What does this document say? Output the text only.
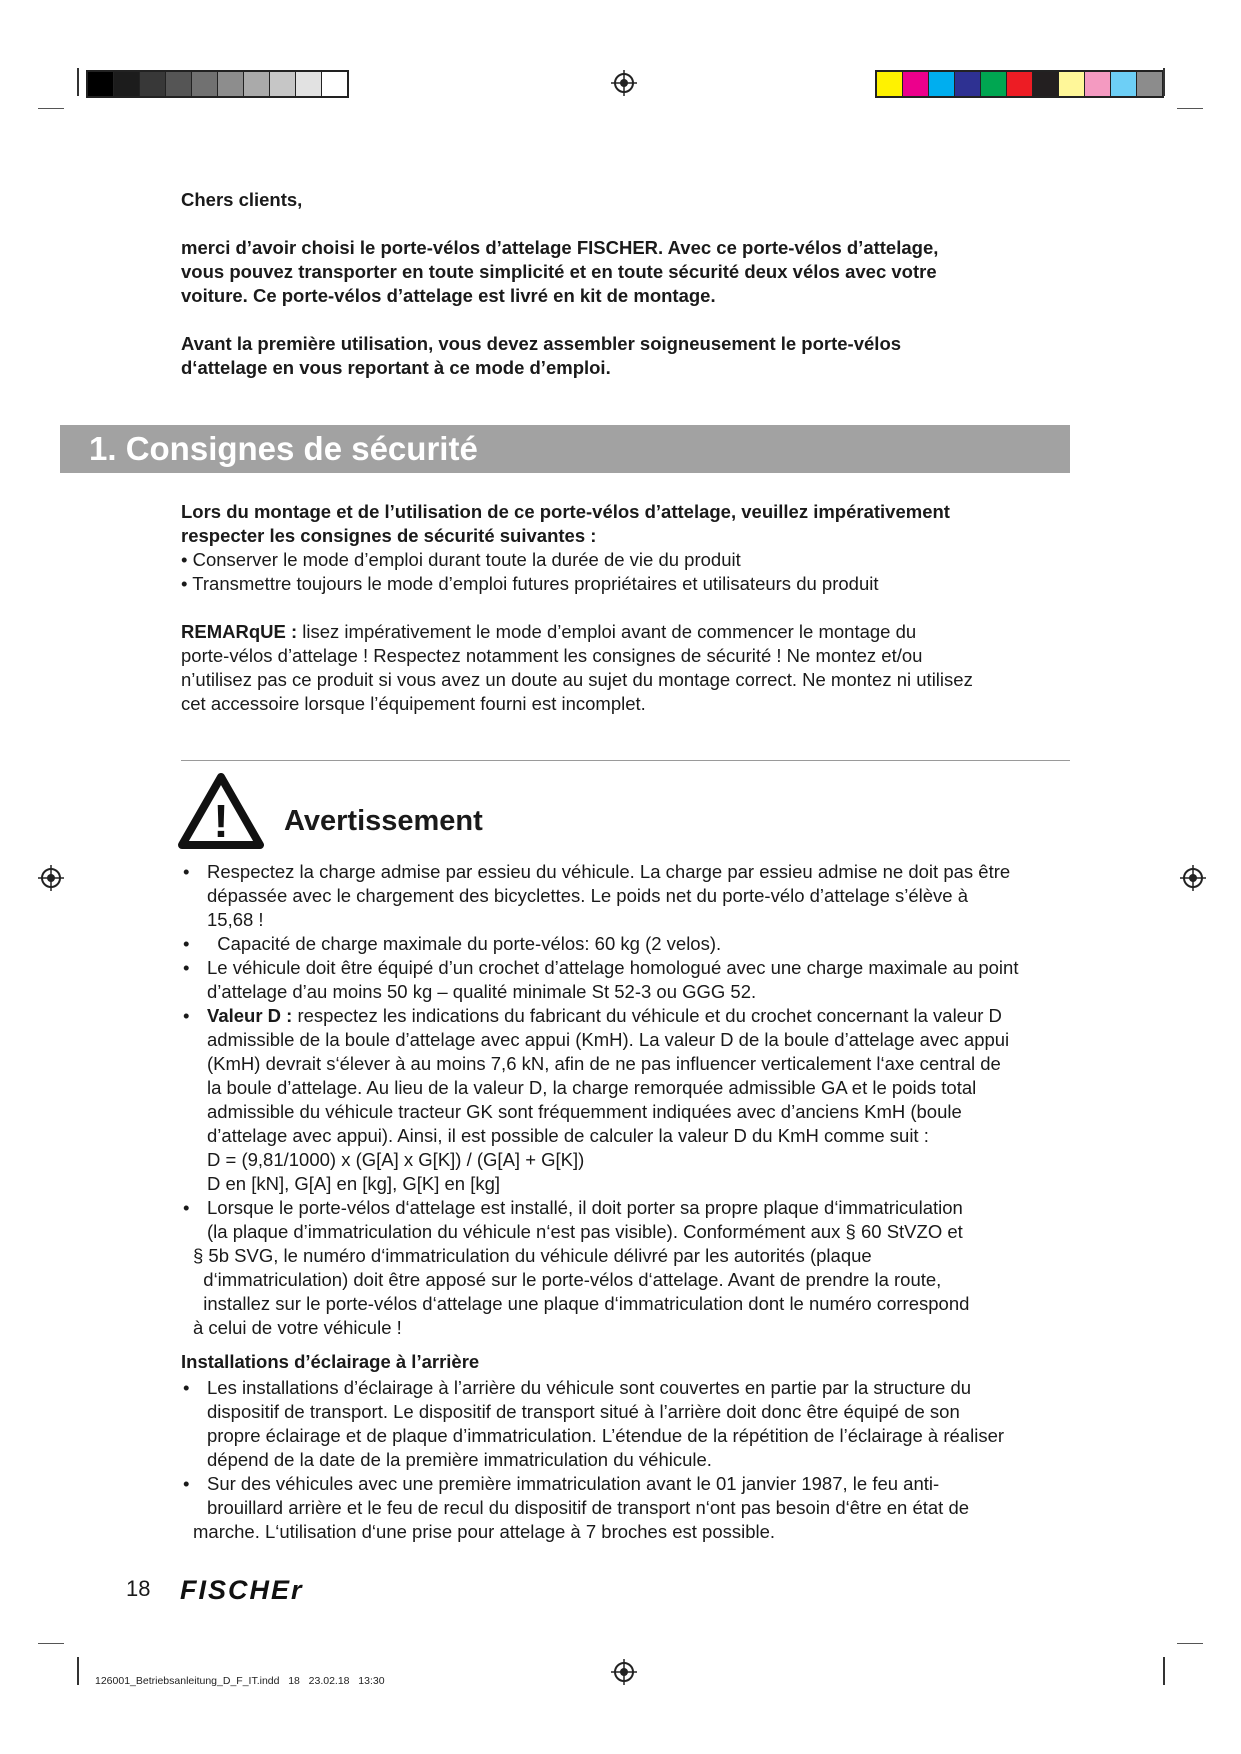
Chers clients,
merci d’avoir choisi le porte-vélos d’attelage FISCHER. Avec ce porte-vélos d’attelage,
vous pouvez transporter en toute simplicité et en toute sécurité deux vélos avec votre
voiture. Ce porte-vélos d’attelage est livré en kit de montage.
Avant la première utilisation, vous devez assembler soigneusement le porte-vélos
d‘attelage en vous reportant à ce mode d’emploi.
1. Consignes de sécurité
Lors du montage et de l’utilisation de ce porte-vélos d’attelage, veuillez impérativement
respecter les consignes de sécurité suivantes :
• Conserver le mode d’emploi durant toute la durée de vie du produit
• Transmettre toujours le mode d’emploi futures propriétaires et utilisateurs du produit
REMARqUE : lisez impérativement le mode d’emploi avant de commencer le montage du
porte-vélos d’attelage ! Respectez notamment les consignes de sécurité ! Ne montez et/ou
n’utilisez pas ce produit si vous avez un doute au sujet du montage correct. Ne montez ni utilisez
cet accessoire lorsque l’équipement fourni est incomplet.
! Avertissement
• Respectez la charge admise par essieu du véhicule. La charge par essieu admise ne doit pas être
dépassée avec le chargement des bicyclettes. Le poids net du porte-vélo d’attelage s’élève à
15,68 !
• Capacité de charge maximale du porte-vélos: 60 kg (2 velos).
• Le véhicule doit être équipé d’un crochet d’attelage homologué avec une charge maximale au point
d’attelage d’au moins 50 kg – qualité minimale St 52-3 ou GGG 52.
• Valeur D : respectez les indications du fabricant du véhicule et du crochet concernant la valeur D
admissible de la boule d’attelage avec appui (KmH). La valeur D de la boule d’attelage avec appui
(KmH) devrait s‘élever à au moins 7,6 kN, afin de ne pas influencer verticalement l‘axe central de
la boule d’attelage. Au lieu de la valeur D, la charge remorquée admissible GA et le poids total
admissible du véhicule tracteur GK sont fréquemment indiquées avec d’anciens KmH (boule
d’attelage avec appui). Ainsi, il est possible de calculer la valeur D du KmH comme suit :
D = (9,81/1000) x (G[A] x G[K]) / (G[A] + G[K])
D en [kN], G[A] en [kg], G[K] en [kg]
• Lorsque le porte-vélos d‘attelage est installé, il doit porter sa propre plaque d‘immatriculation
(la plaque d’immatriculation du véhicule n‘est pas visible). Conformément aux § 60 StVZO et
§ 5b SVG, le numéro d‘immatriculation du véhicule délivré par les autorités (plaque
d‘immatriculation) doit être apposé sur le porte-vélos d‘attelage. Avant de prendre la route,
installez sur le porte-vélos d‘attelage une plaque d‘immatriculation dont le numéro correspond
à celui de votre véhicule !
Installations d’éclairage à l’arrière
• Les installations d’éclairage à l’arrière du véhicule sont couvertes en partie par la structure du
dispositif de transport. Le dispositif de transport situé à l’arrière doit donc être équipé de son
propre éclairage et de plaque d’immatriculation. L’étendue de la répétition de l’éclairage à réaliser
dépend de la date de la première immatriculation du véhicule.
• Sur des véhicules avec une première immatriculation avant le 01 janvier 1987, le feu anti-
brouillard arrière et le feu de recul du dispositif de transport n‘ont pas besoin d‘être en état de
marche. L‘utilisation d‘une prise pour attelage à 7 broches est possible.
18 FISCHEr
126001_Betriebsanleitung_D_F_IT.indd   18   23.02.18   13:30
